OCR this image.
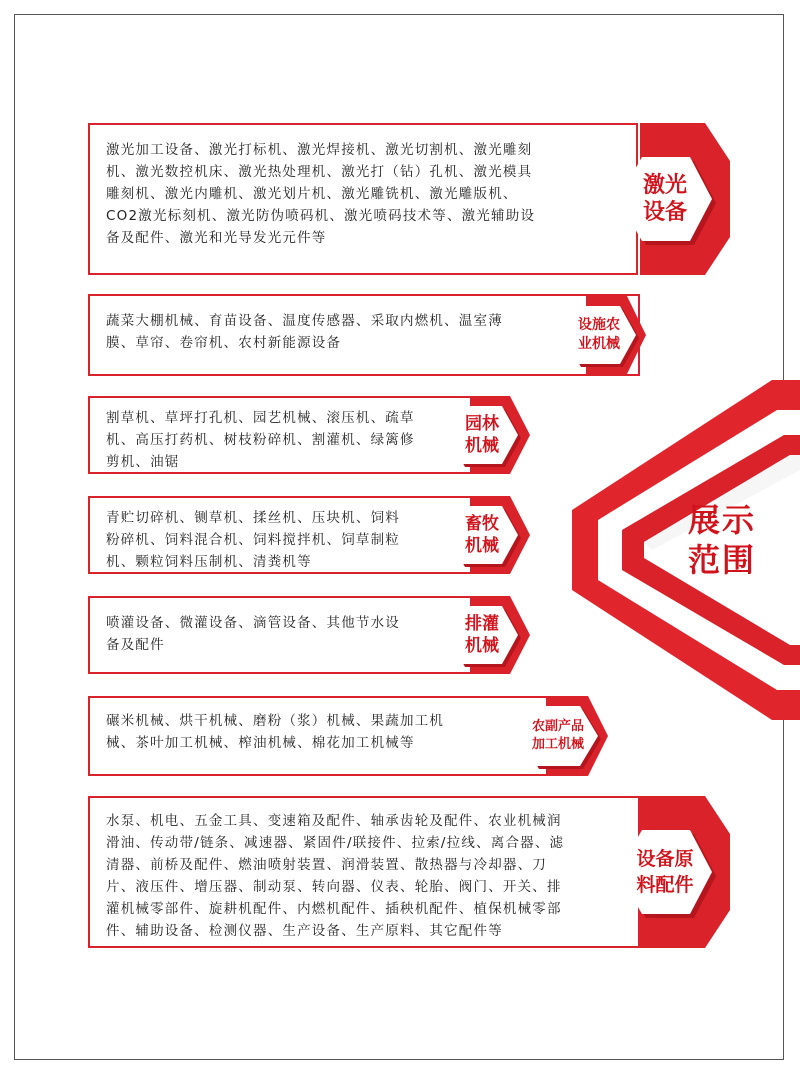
展示
范围
激光加工设备、激光打标机、激光焊接机、激光切割机、激光雕刻
机、激光数控机床、激光热处理机、激光打（钻）孔机、激光模具
雕刻机、激光内雕机、激光划片机、激光雕铣机、激光雕版机、
CO2激光标刻机、激光防伪喷码机、激光喷码技术等、激光辅助设
备及配件、激光和光导发光元件等
激光
设备
蔬菜大棚机械、育苗设备、温度传感器、采取内燃机、温室薄
膜、草帘、卷帘机、农村新能源设备
设施农
业机械
割草机、草坪打孔机、园艺机械、滚压机、疏草
机、高压打药机、树枝粉碎机、割灌机、绿篱修
剪机、油锯
园林
机械
青贮切碎机、铡草机、揉丝机、压块机、饲料
粉碎机、饲料混合机、饲料搅拌机、饲草制粒
机、颗粒饲料压制机、清粪机等
畜牧
机械
喷灌设备、微灌设备、滴管设备、其他节水设
备及配件
排灌
机械
碾米机械、烘干机械、磨粉（浆）机械、果蔬加工机
械、茶叶加工机械、榨油机械、棉花加工机械等
农副产品
加工机械
水泵、机电、五金工具、变速箱及配件、轴承齿轮及配件、农业机械润
滑油、传动带/链条、减速器、紧固件/联接件、拉索/拉线、离合器、滤
清器、前桥及配件、燃油喷射装置、润滑装置、散热器与冷却器、刀
片、液压件、增压器、制动泵、转向器、仪表、轮胎、阀门、开关、排
灌机械零部件、旋耕机配件、内燃机配件、插秧机配件、植保机械零部
件、辅助设备、检测仪器、生产设备、生产原料、其它配件等
设备原
料配件
